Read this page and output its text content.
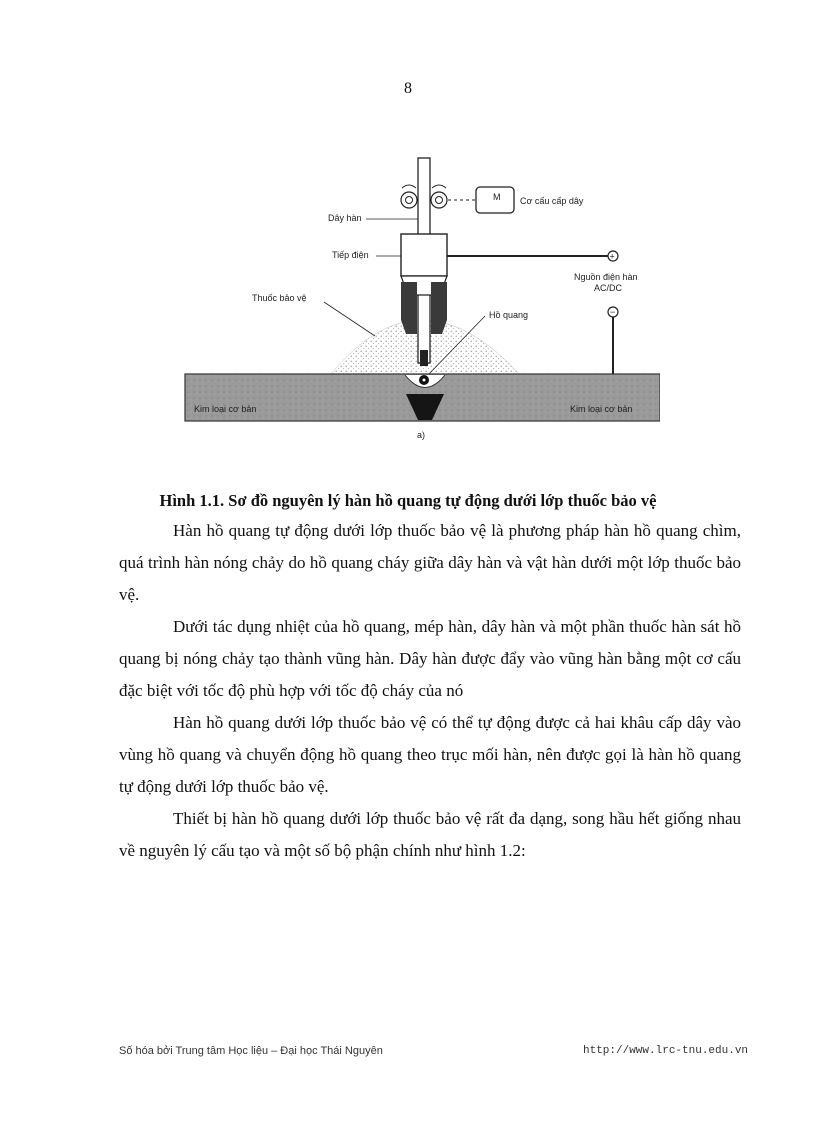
8
M Cơ cấu cấp dây
+
−
Dây hàn
Tiếp điện
Thuốc bảo vệ
Hồ quang
Nguồn điện hàn
AC/DC
Kim loại cơ bản	Kim loại cơ bản
a)
Hình 1.1. Sơ đồ nguyên lý hàn hồ quang tự động dưới lớp thuốc bảo vệ

Hàn hồ quang tự động dưới lớp thuốc bảo vệ là phương pháp hàn hồ quang chìm, quá trình hàn nóng chảy do hồ quang cháy giữa dây hàn và vật hàn dưới một lớp thuốc bảo vệ.

Dưới tác dụng nhiệt của hồ quang, mép hàn, dây hàn và một phần thuốc hàn sát hồ quang bị nóng chảy tạo thành vũng hàn. Dây hàn được đẩy vào vũng hàn bằng một cơ cấu đặc biệt với tốc độ phù hợp với tốc độ cháy của nó

Hàn hồ quang dưới lớp thuốc bảo vệ có thể tự động được cả hai khâu cấp dây vào vùng hồ quang và chuyển động hồ quang theo trục mối hàn, nên được gọi là hàn hồ quang tự động dưới lớp thuốc bảo vệ.

Thiết bị hàn hồ quang dưới lớp thuốc bảo vệ rất đa dạng, song hầu hết giống nhau về nguyên lý cấu tạo và một số bộ phận chính như hình 1.2:

Số hóa bởi Trung tâm Học liệu – Đại học Thái Nguyên	http://www.lrc-tnu.edu.vn
